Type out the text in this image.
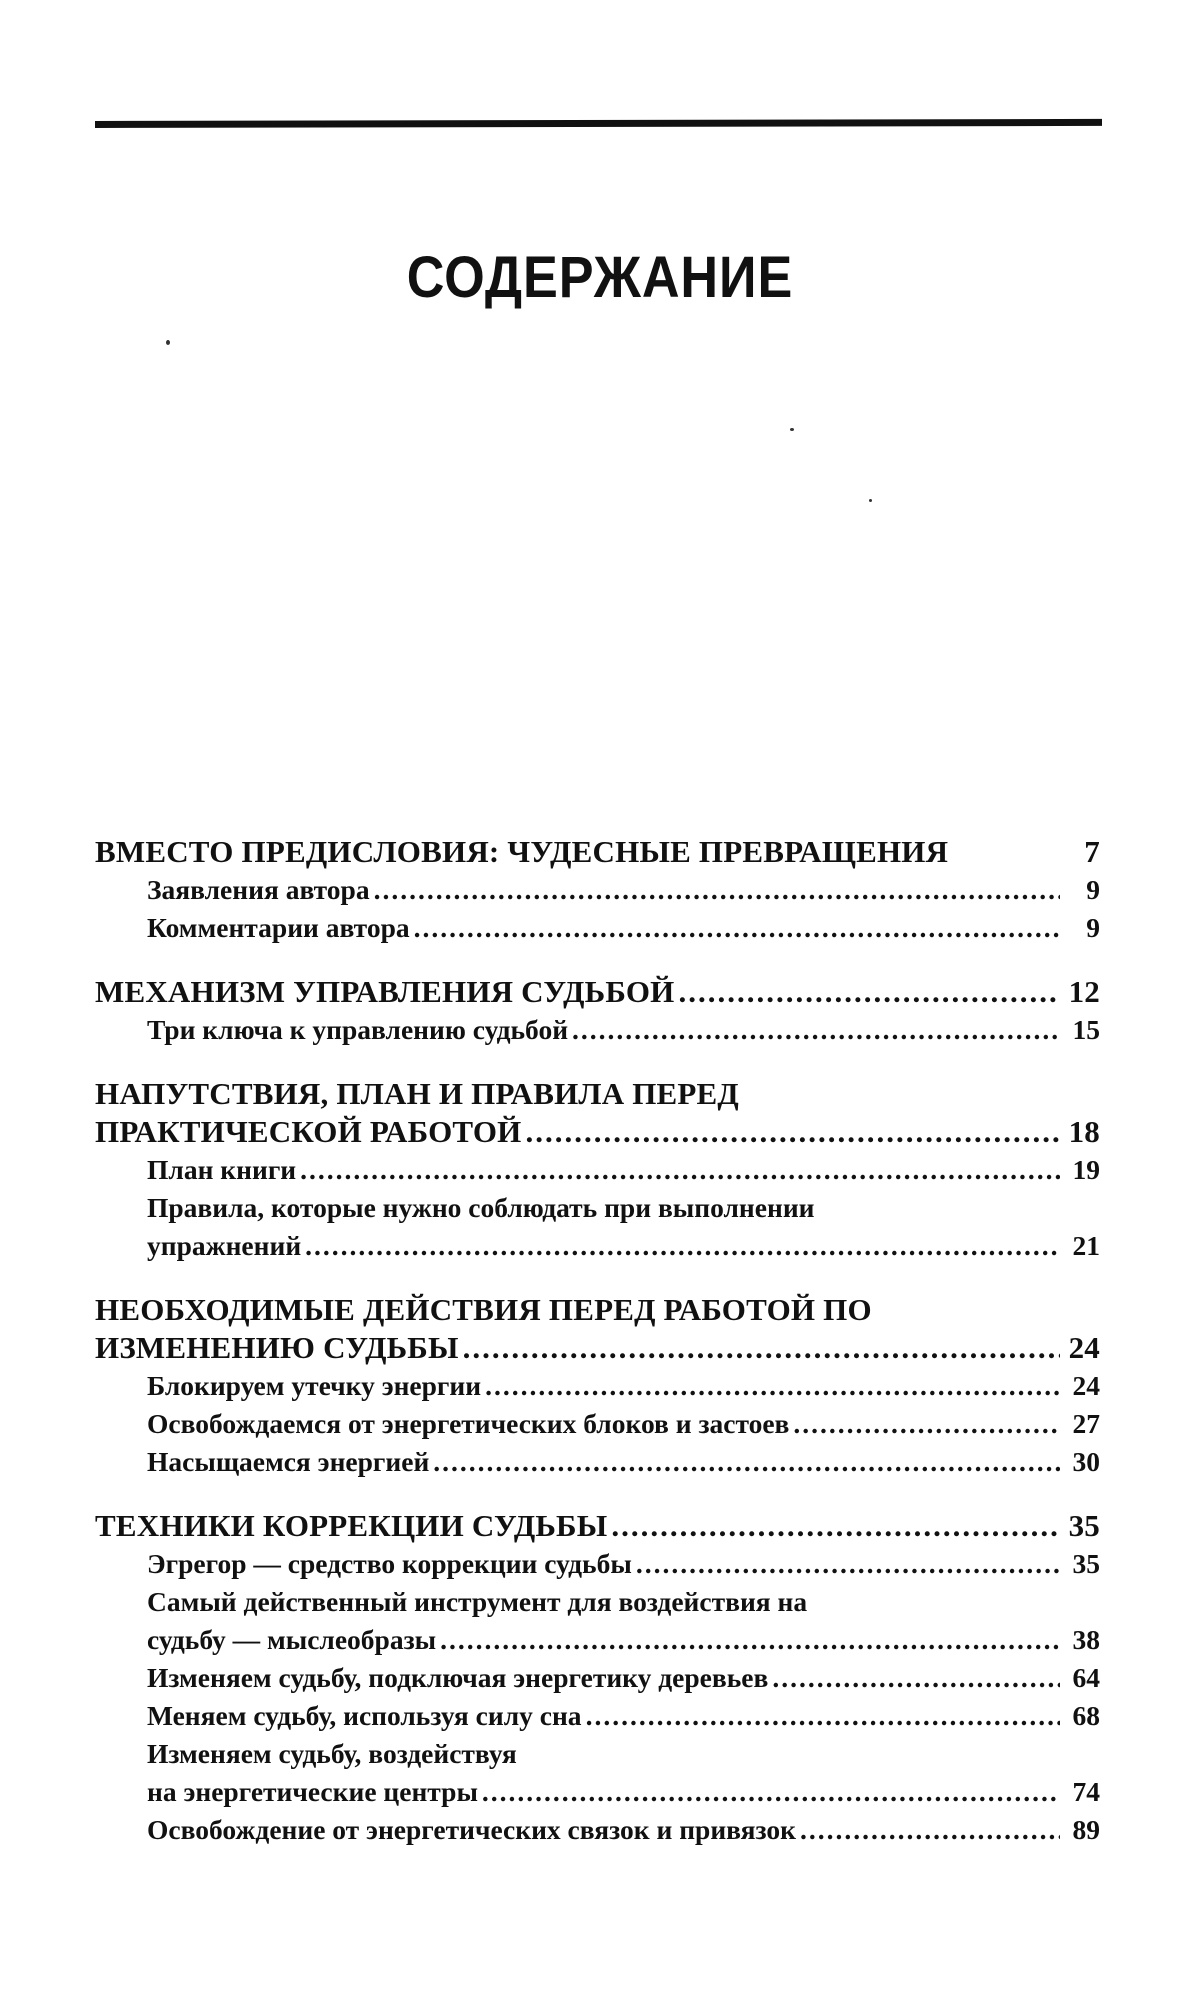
СОДЕРЖАНИЕ
ВМЕСТО ПРЕДИСЛОВИЯ: ЧУДЕСНЫЕ ПРЕВРАЩЕНИЯ	7
Заявления автора .....	9
Комментарии автора .....	9
МЕХАНИЗМ УПРАВЛЕНИЯ СУДЬБОЙ .....	12
Три ключа к управлению судьбой .....	15
НАПУТСТВИЯ, ПЛАН И ПРАВИЛА ПЕРЕД
ПРАКТИЧЕСКОЙ РАБОТОЙ .....	18
План книги .....	19
Правила, которые нужно соблюдать при выполнении
упражнений .....	21
НЕОБХОДИМЫЕ ДЕЙСТВИЯ ПЕРЕД РАБОТОЙ ПО
ИЗМЕНЕНИЮ СУДЬБЫ .....	24
Блокируем утечку энергии .....	24
Освобождаемся от энергетических блоков и застоев .....	27
Насыщаемся энергией .....	30
ТЕХНИКИ КОРРЕКЦИИ СУДЬБЫ .....	35
Эгрегор — средство коррекции судьбы .....	35
Самый действенный инструмент для воздействия на
судьбу — мыслеобразы .....	38
Изменяем судьбу, подключая энергетику деревьев .....	64
Меняем судьбу, используя силу сна .....	68
Изменяем судьбу, воздействуя
на энергетические центры .....	74
Освобождение от энергетических связок и привязок .....	89
